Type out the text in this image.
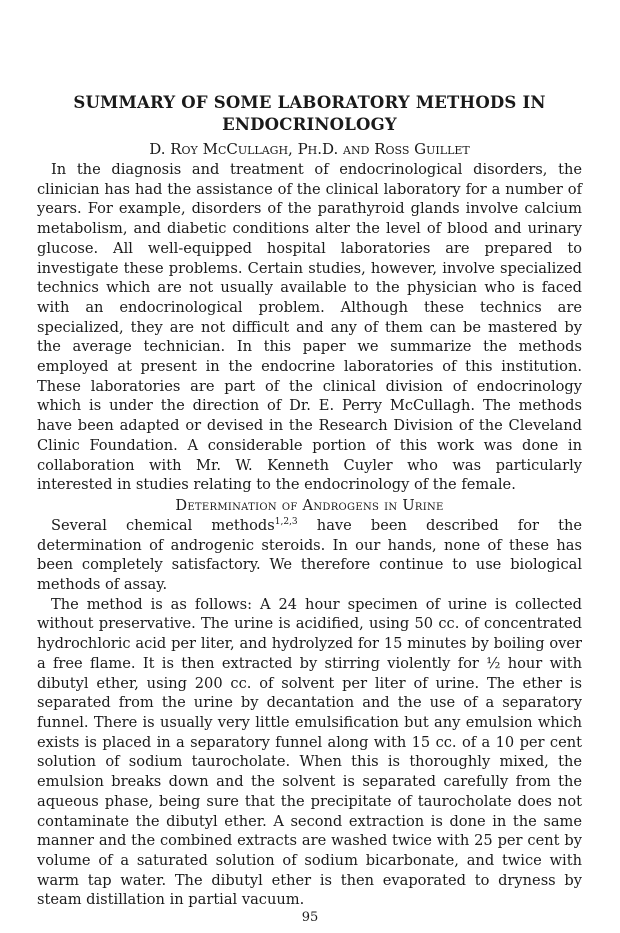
SUMMARY OF SOME LABORATORY METHODS IN
ENDOCRINOLOGY
D. Roy McCullagh, Ph.D. and Ross Guillet

In the diagnosis and treatment of endocrinological disorders, the clinician has had the assistance of the clinical laboratory for a number of years. For example, disorders of the parathyroid glands involve calcium metabolism, and diabetic conditions alter the level of blood and urinary glucose. All well-equipped hospital laboratories are prepared to investigate these problems. Certain studies, however, involve specialized technics which are not usually available to the physician who is faced with an endocrinological problem. Although these technics are specialized, they are not difficult and any of them can be mastered by the average technician. In this paper we summarize the methods employed at present in the endocrine laboratories of this institution. These laboratories are part of the clinical division of endocrinology which is under the direction of Dr. E. Perry McCullagh. The methods have been adapted or devised in the Research Division of the Cleveland Clinic Foundation. A considerable portion of this work was done in collaboration with Mr. W. Kenneth Cuyler who was particularly interested in studies relating to the endocrinology of the female.

Determination of Androgens in Urine

Several chemical methods$^{1,2,3}$ have been described for the determination of androgenic steroids. In our hands, none of these has been completely satisfactory. We therefore continue to use biological methods of assay.

The method is as follows: A 24 hour specimen of urine is collected without preservative. The urine is acidified, using 50 cc. of concentrated hydrochloric acid per liter, and hydrolyzed for 15 minutes by boiling over a free flame. It is then extracted by stirring violently for ½ hour with dibutyl ether, using 200 cc. of solvent per liter of urine. The ether is separated from the urine by decantation and the use of a separatory funnel. There is usually very little emulsification but any emulsion which exists is placed in a separatory funnel along with 15 cc. of a 10 per cent solution of sodium taurocholate. When this is thoroughly mixed, the emulsion breaks down and the solvent is separated carefully from the aqueous phase, being sure that the precipitate of taurocholate does not contaminate the dibutyl ether. A second extraction is done in the same manner and the combined extracts are washed twice with 25 per cent by volume of a saturated solution of sodium bicarbonate, and twice with warm tap water. The dibutyl ether is then evaporated to dryness by steam distillation in partial vacuum.

95
